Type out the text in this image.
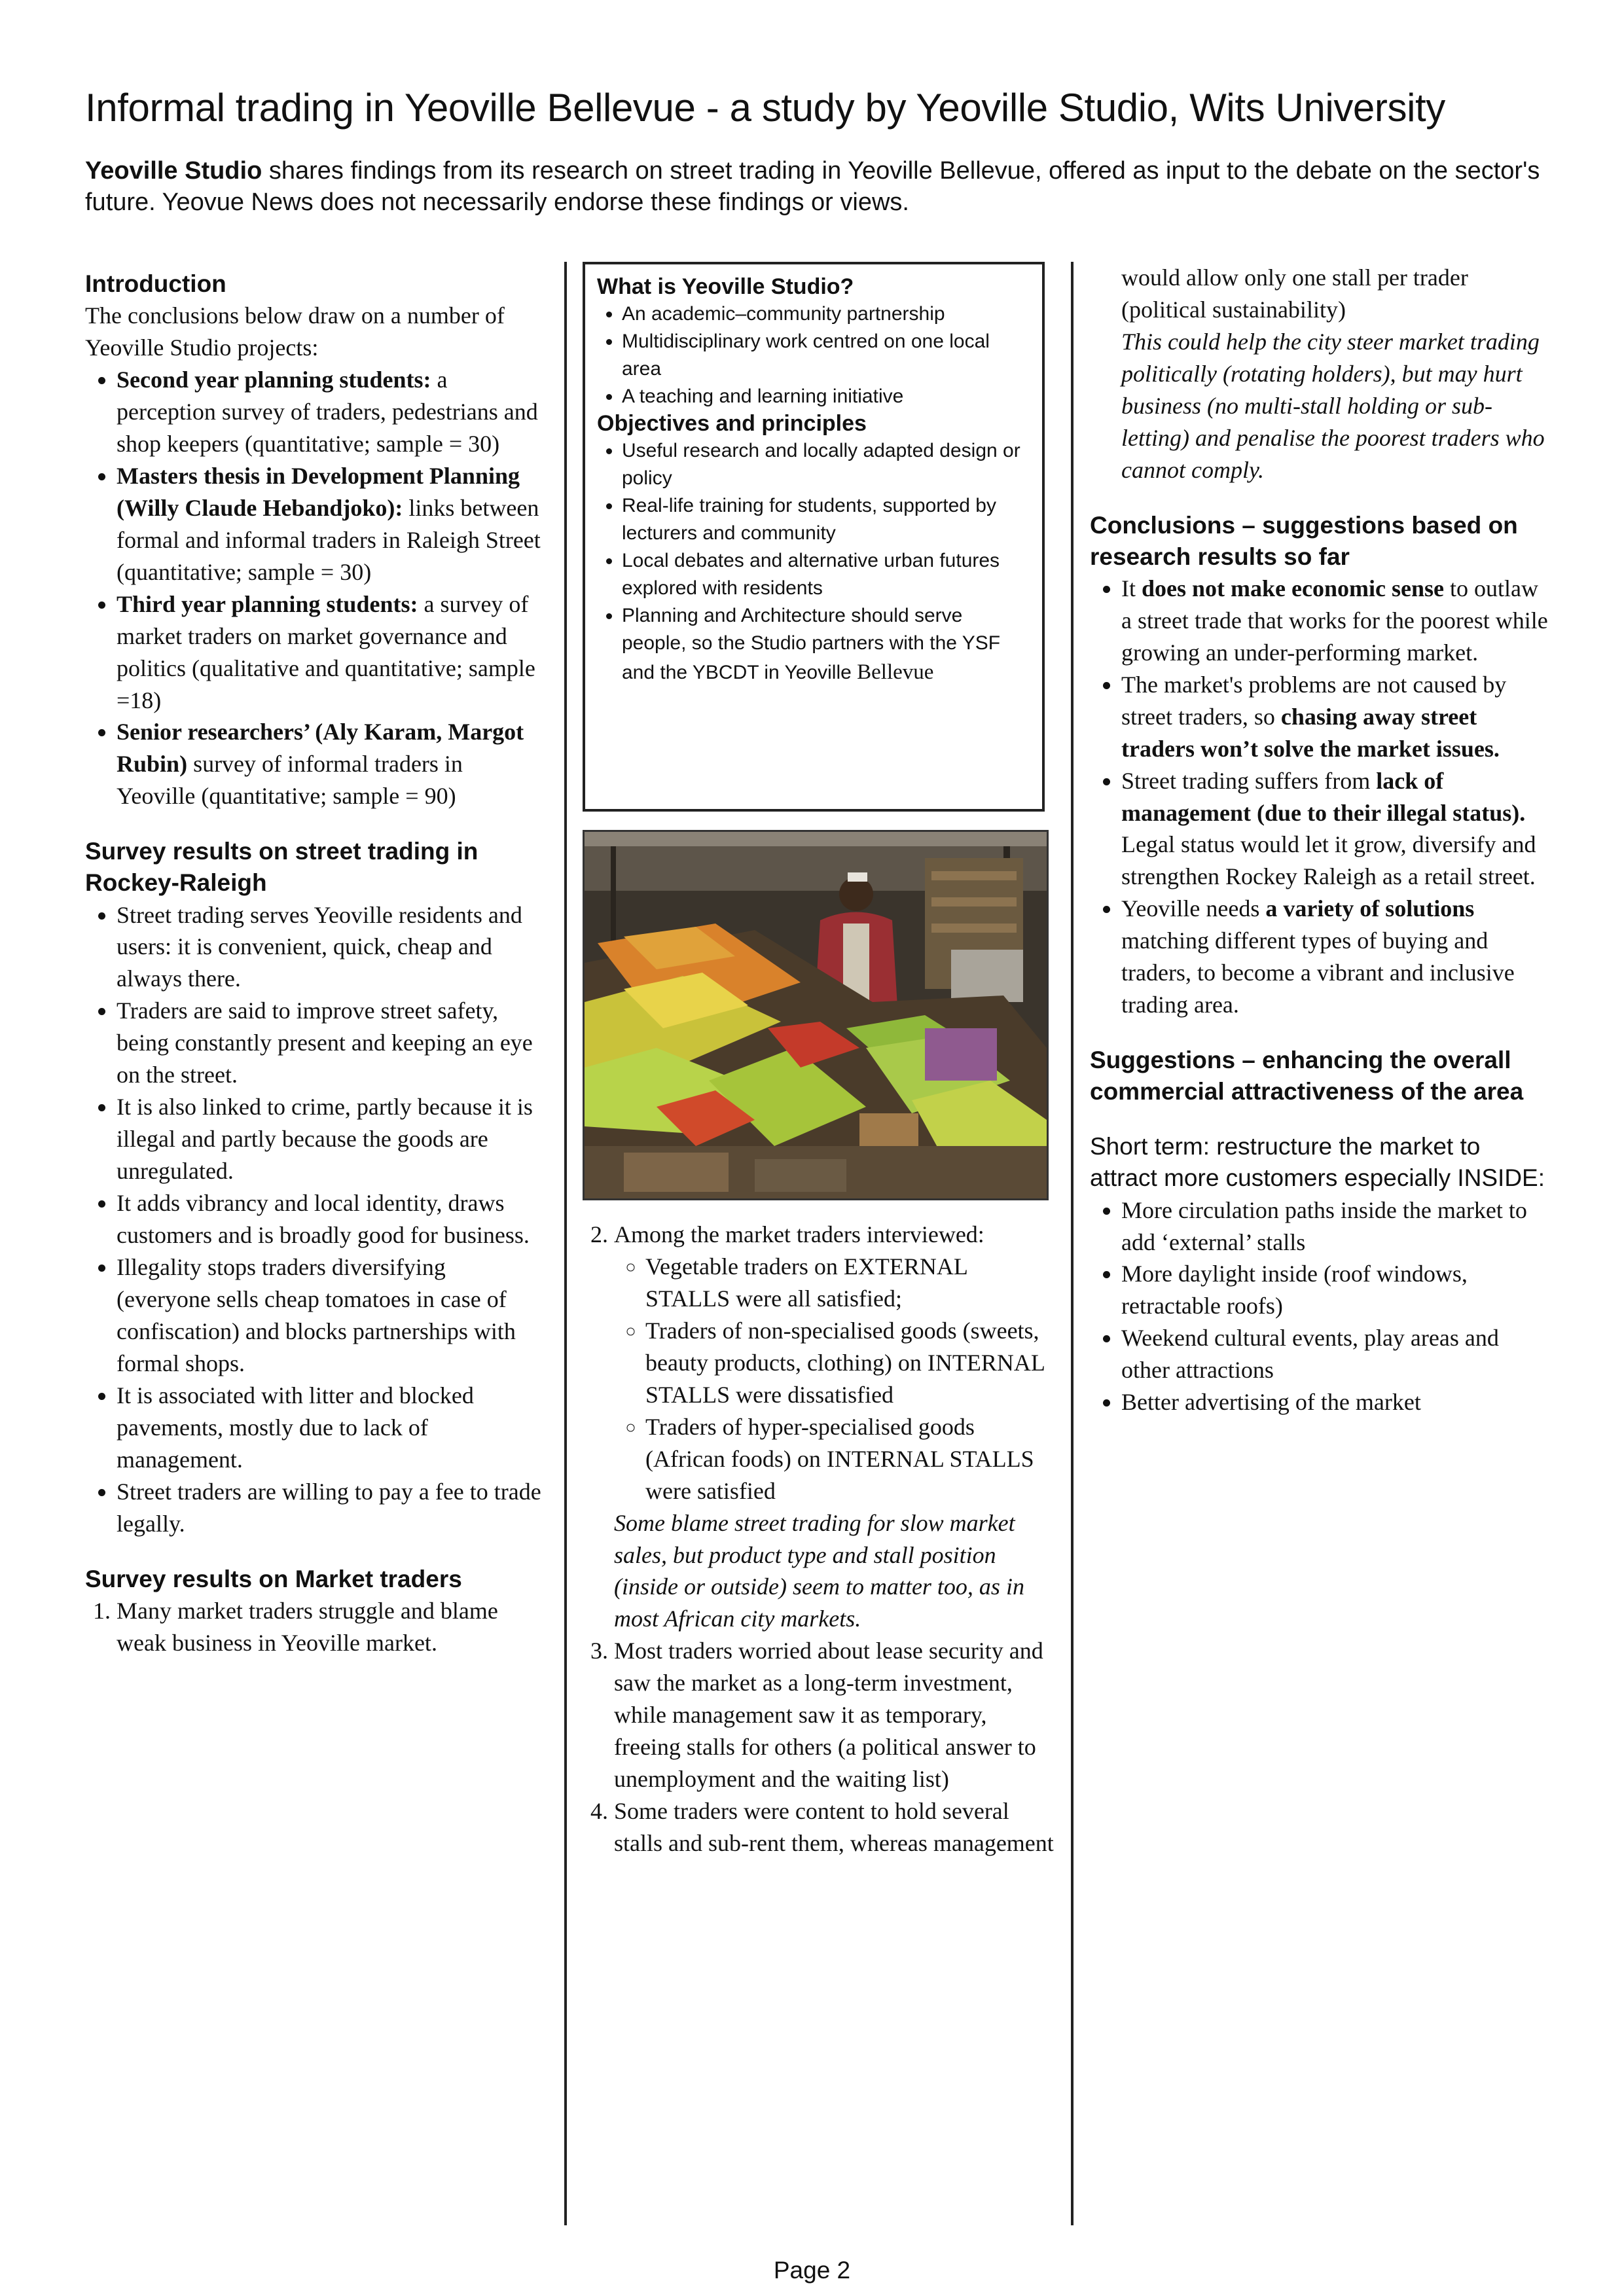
Informal trading in Yeoville Bellevue - a study by Yeoville Studio, Wits University
Yeoville Studio shares findings from its research on street trading in Yeoville Bellevue, offered as input to the debate on the sector's future. Yeovue News does not necessarily endorse these findings or views.

Introduction

The conclusions below draw on a number of Yeoville Studio projects:

• Second year planning students: a perception survey of traders, pedestrians and shop keepers (quantitative; sample = 30)
• Masters thesis in Development Planning (Willy Claude Hebandjoko): links between formal and informal traders in Raleigh Street (quantitative; sample = 30)
• Third year planning students: a survey of market traders on market governance and politics (qualitative and quantitative; sample =18)
• Senior researchers’ (Aly Karam, Margot Rubin) survey of informal traders in Yeoville (quantitative; sample = 90)

Survey results on street trading in Rockey-Raleigh

• Street trading serves Yeoville residents and users: it is convenient, quick, cheap and always there.
• Traders are said to improve street safety, being constantly present and keeping an eye on the street.
• It is also linked to crime, partly because it is illegal and partly because the goods are unregulated.
• It adds vibrancy and local identity, draws customers and is broadly good for business.
• Illegality stops traders diversifying (everyone sells cheap tomatoes in case of confiscation) and blocks partnerships with formal shops.
• It is associated with litter and blocked pavements, mostly due to lack of management.
• Street traders are willing to pay a fee to trade legally.

Survey results on Market traders

1. Many market traders struggle and blame weak business in Yeoville market.

What is Yeoville Studio?

• An academic–community partnership
• Multidisciplinary work centred on one local area
• A teaching and learning initiative

Objectives and principles

• Useful research and locally adapted design or policy
• Real-life training for students, supported by lecturers and community
• Local debates and alternative urban futures explored with residents
• Planning and Architecture should serve people, so the Studio partners with the YSF and the YBCDT in Yeoville Bellevue
2. Among the market traders interviewed:
◦ Vegetable traders on EXTERNAL STALLS were all satisfied;
◦ Traders of non-specialised goods (sweets, beauty products, clothing) on INTERNAL STALLS were dissatisfied
◦ Traders of hyper-specialised goods (African foods) on INTERNAL STALLS were satisfied

Some blame street trading for slow market sales, but product type and stall position (inside or outside) seem to matter too, as in most African city markets.

3. Most traders worried about lease security and saw the market as a long-term investment, while management saw it as temporary, freeing stalls for others (a political answer to unemployment and the waiting list)
4. Some traders were content to hold several stalls and sub-rent them, whereas management

would allow only one stall per trader (political sustainability)

This could help the city steer market trading politically (rotating holders), but may hurt business (no multi-stall holding or sub-letting) and penalise the poorest traders who cannot comply.

Conclusions – suggestions based on research results so far

• It does not make economic sense to outlaw a street trade that works for the poorest while growing an under-performing market.
• The market's problems are not caused by street traders, so chasing away street traders won’t solve the market issues.
• Street trading suffers from lack of management (due to their illegal status). Legal status would let it grow, diversify and strengthen Rockey Raleigh as a retail street.
• Yeoville needs a variety of solutions matching different types of buying and traders, to become a vibrant and inclusive trading area.

Suggestions – enhancing the overall commercial attractiveness of the area

Short term: restructure the market to attract more customers especially INSIDE:

• More circulation paths inside the market to add ‘external’ stalls
• More daylight inside (roof windows, retractable roofs)
• Weekend cultural events, play areas and other attractions
• Better advertising of the market
Page 2
